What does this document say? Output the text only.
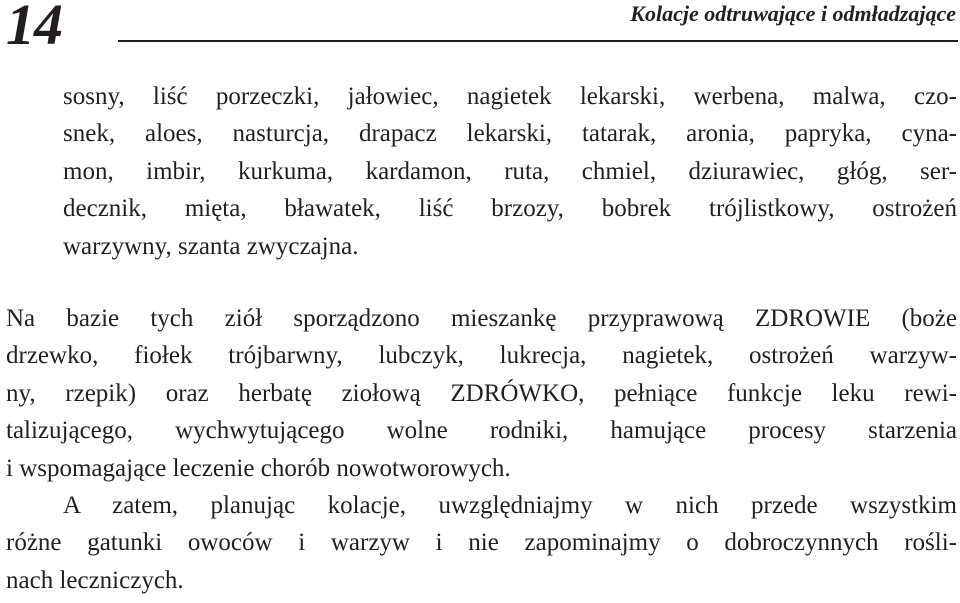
14	Kolacje odtruwające i odmładzające
sosny, liść porzeczki, jałowiec, nagietek lekarski, werbena, malwa, czo-
snek, aloes, nasturcja, drapacz lekarski, tatarak, aronia, papryka, cyna-
mon, imbir, kurkuma, kardamon, ruta, chmiel, dziurawiec, głóg, ser-
decznik, mięta, bławatek, liść brzozy, bobrek trójlistkowy, ostrożeń
warzywny, szanta zwyczajna.
Na bazie tych ziół sporządzono mieszankę przyprawową ZDROWIE (boże
drzewko, fiołek trójbarwny, lubczyk, lukrecja, nagietek, ostrożeń warzyw-
ny, rzepik) oraz herbatę ziołową ZDRÓWKO, pełniące funkcje leku rewi-
talizującego, wychwytującego wolne rodniki, hamujące procesy starzenia
i wspomagające leczenie chorób nowotworowych.
A zatem, planując kolacje, uwzględniajmy w nich przede wszystkim
różne gatunki owoców i warzyw i nie zapominajmy o dobroczynnych rośli-
nach leczniczych.
